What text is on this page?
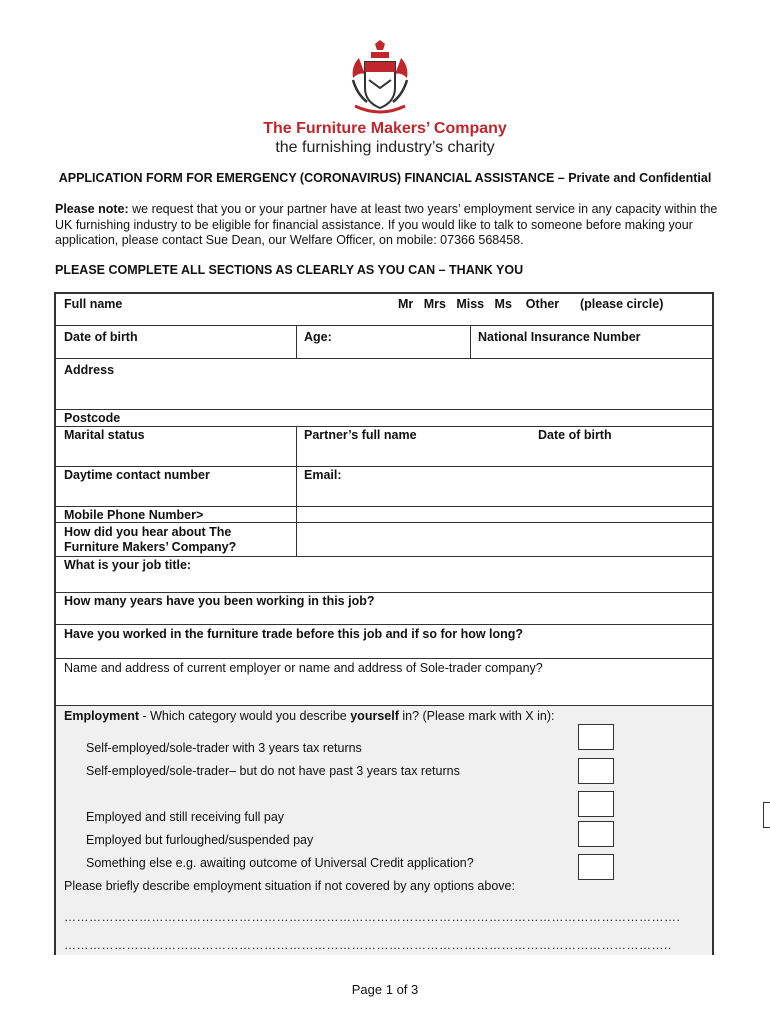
The Furniture Makers’ Company
the furnishing industry’s charity
APPLICATION FORM FOR EMERGENCY (CORONAVIRUS) FINANCIAL ASSISTANCE – Private and Confidential
Please note: we request that you or your partner have at least two years’ employment service in any capacity within the UK furnishing industry to be eligible for financial assistance. If you would like to talk to someone before making your application, please contact Sue Dean, our Welfare Officer, on mobile: 07366 568458.
PLEASE COMPLETE ALL SECTIONS AS CLEARLY AS YOU CAN – THANK YOU
Full name	Mr   Mrs   Miss   Ms    Other      (please circle)
Date of birth	Age:	National Insurance Number
Address
Postcode
Marital status	Partner’s full name	Date of birth
Daytime contact number	Email:
Mobile Phone Number>
How did you hear about The Furniture Makers’ Company?
What is your job title:
How many years have you been working in this job?
Have you worked in the furniture trade before this job and if so for how long?
Name and address of current employer or name and address of Sole-trader company?
Employment - Which category would you describe yourself in? (Please mark with X in):
Self-employed/sole-trader with 3 years tax returns
Self-employed/sole-trader– but do not have past 3 years tax returns
Employed and still receiving full pay
Employed but furloughed/suspended pay
Something else e.g. awaiting outcome of Universal Credit application?
Please briefly describe employment situation if not covered by any options above:
………………………………………………………………………………………………………………………………….
………………………………………………………………………………………………………………………………..
Page 1 of 3
